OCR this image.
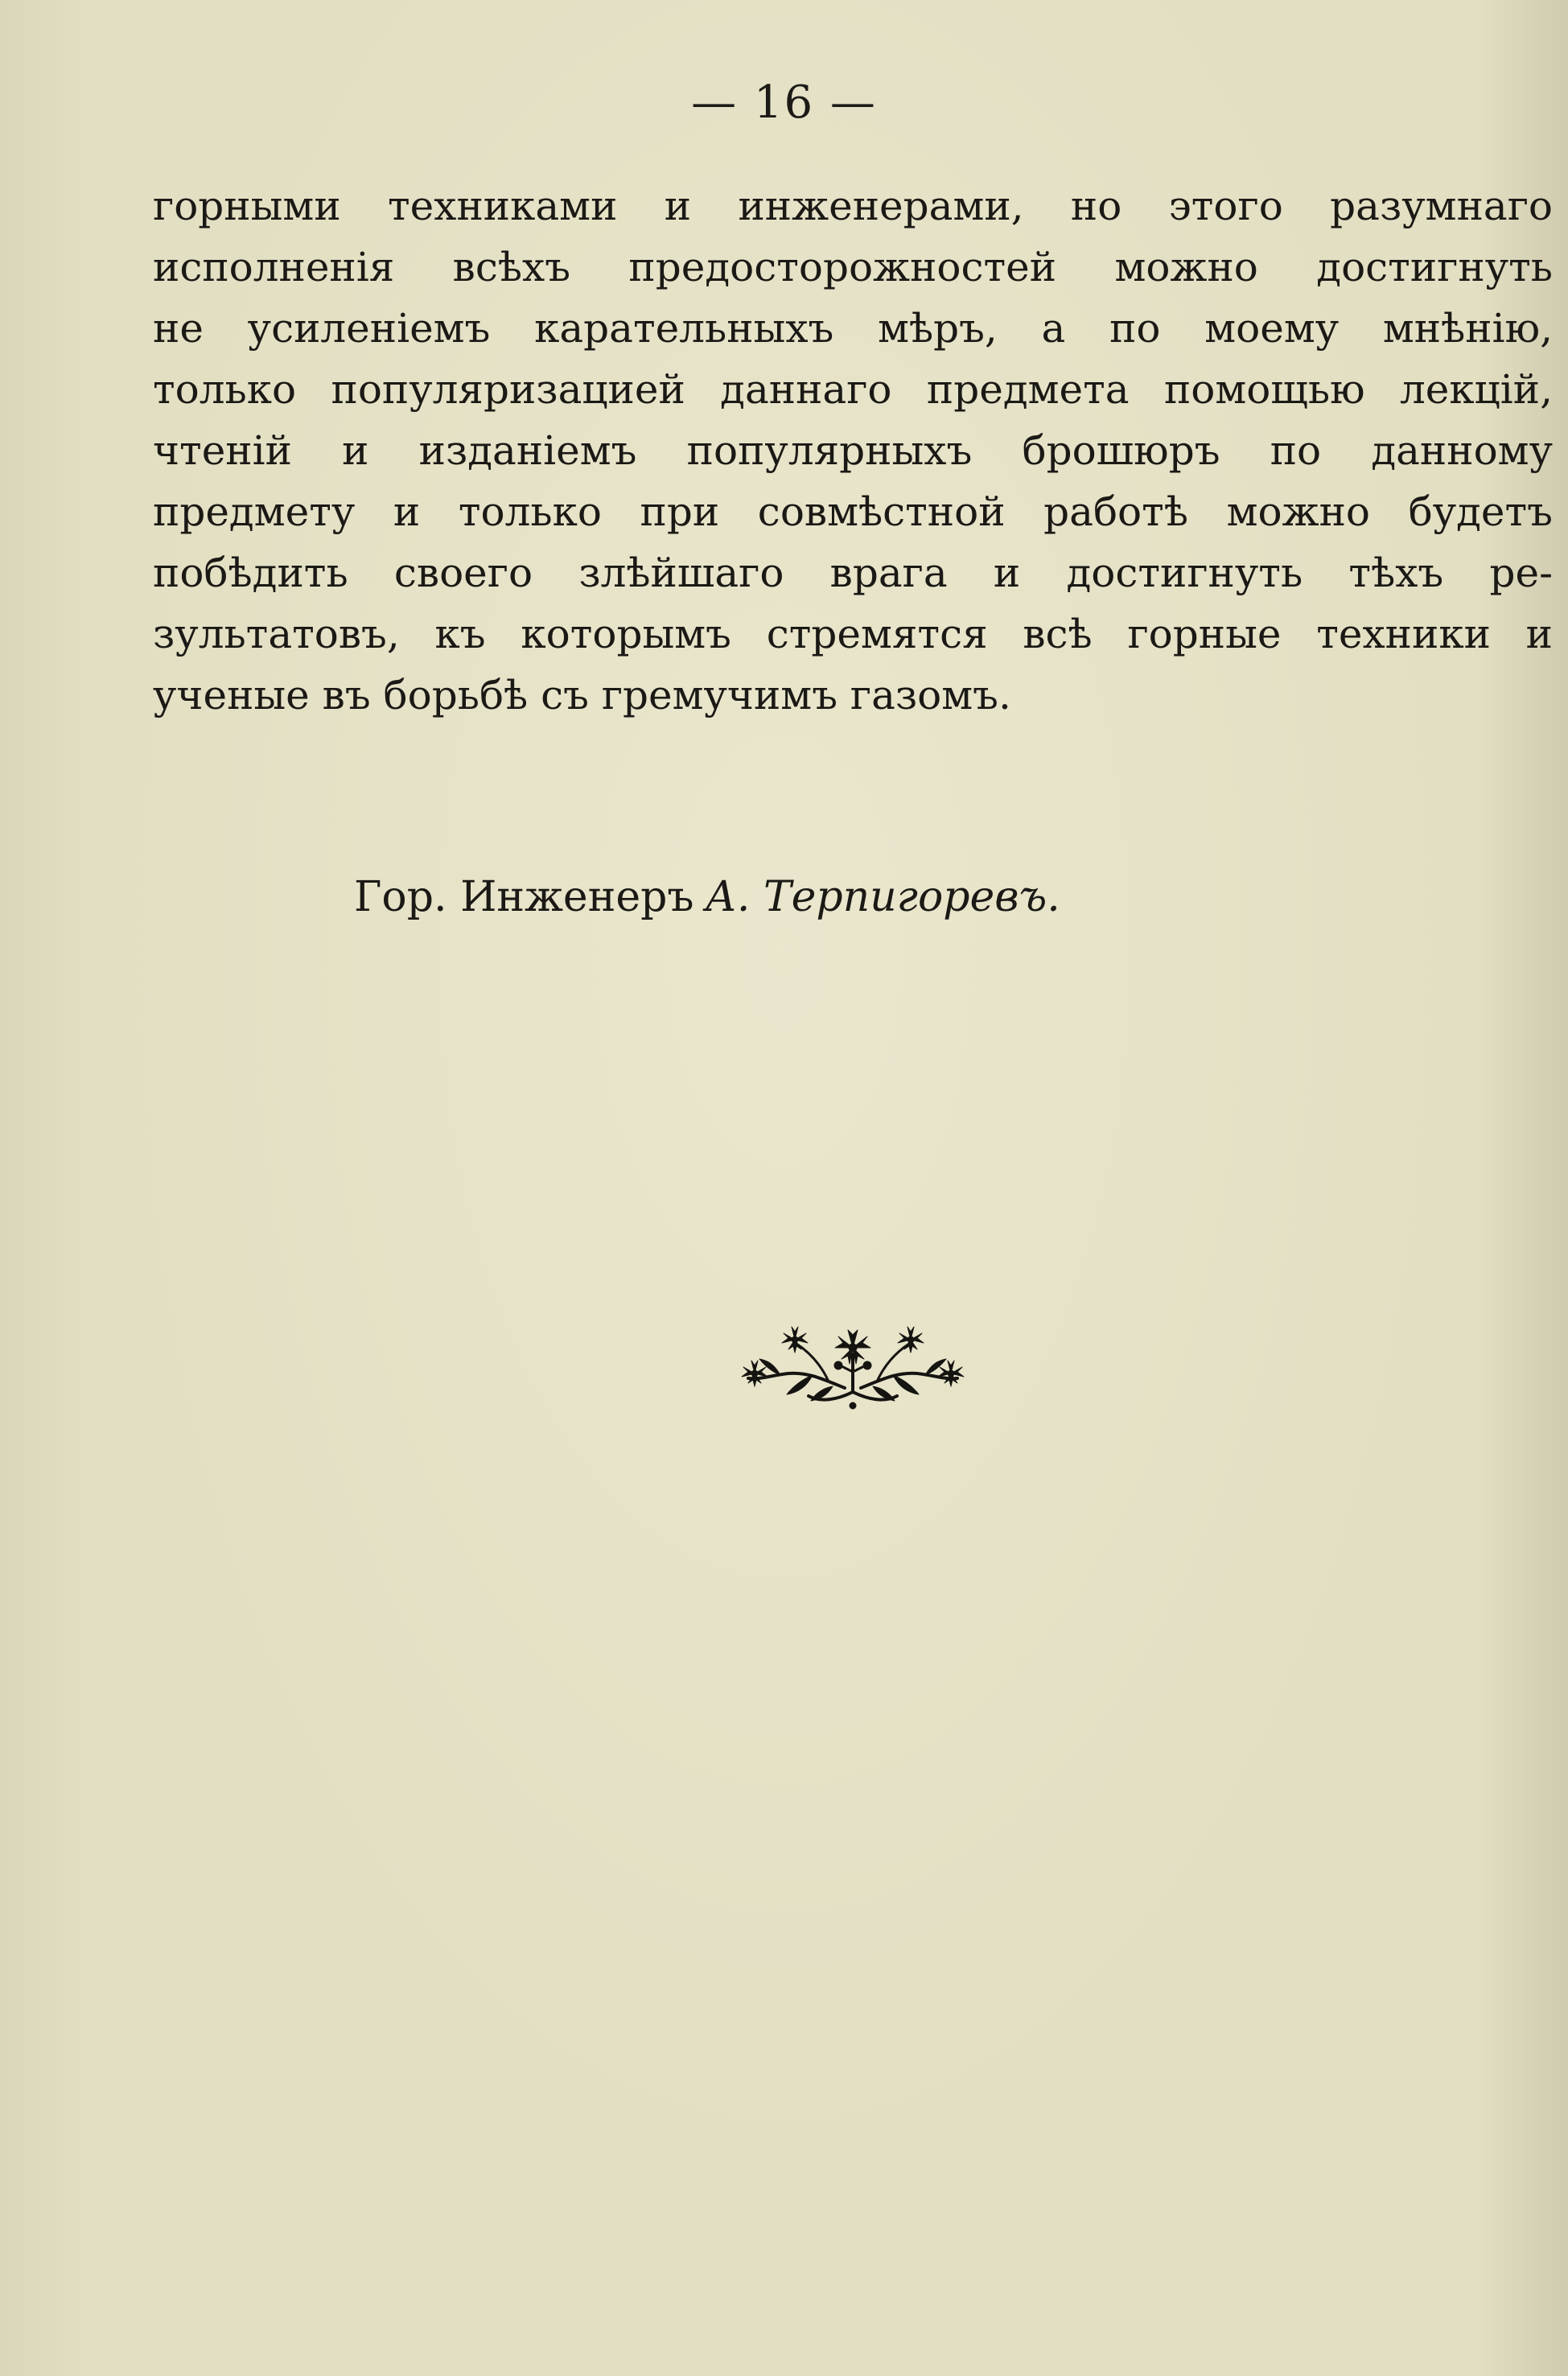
— 16 —
горными техниками и инженерами, но этого разумнаго
исполненія всѣхъ предосторожностей можно достигнуть
не усиленіемъ карательныхъ мѣръ, а по моему мнѣнію,
только популяризацией даннаго предмета помощью лекцій,
чтеній и изданіемъ популярныхъ брошюръ по данному
предмету и только при совмѣстной работѣ можно будетъ
побѣдить своего злѣйшаго врага и достигнуть тѣхъ ре-
зультатовъ, къ которымъ стремятся всѣ горные техники и
ученые въ борьбѣ съ гремучимъ газомъ.
Гор. Инженеръ А. Терпигоревъ.
